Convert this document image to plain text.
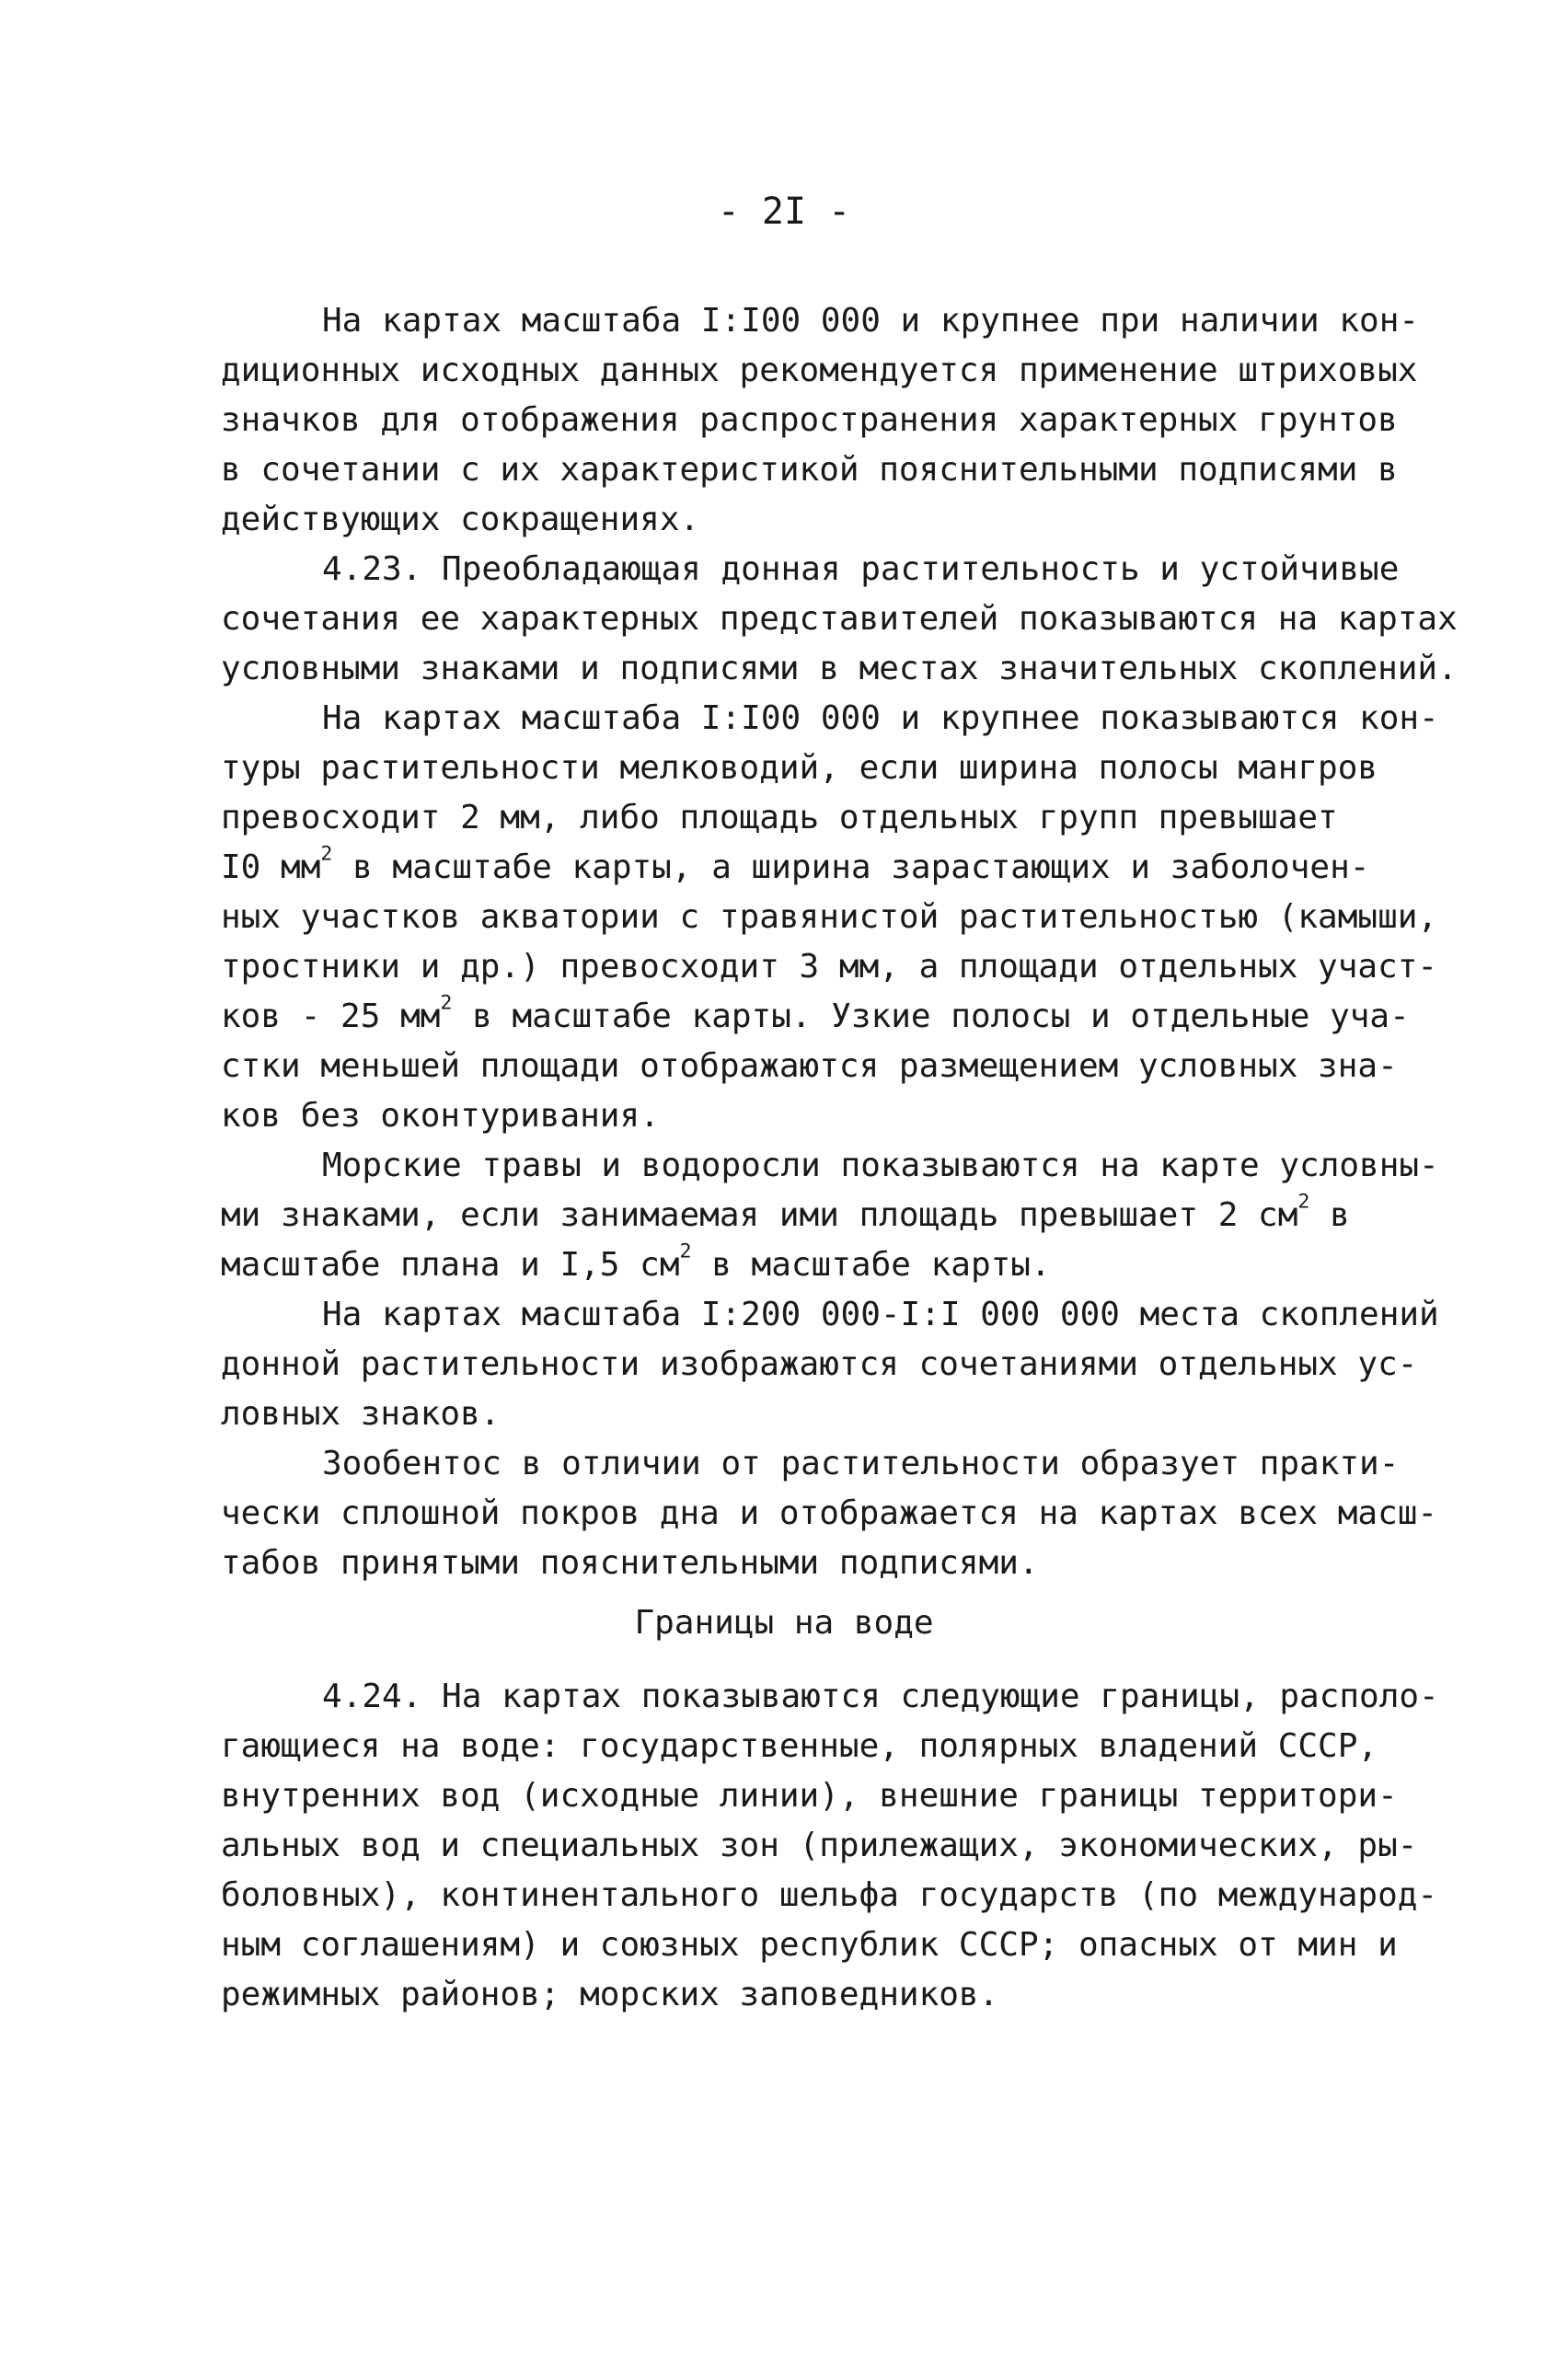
- 2I -
На картах масштаба I:I00 000 и крупнее при наличии кон-
диционных исходных данных рекомендуется применение штриховых
значков для отображения распространения характерных грунтов
в сочетании с их характеристикой пояснительными подписями в
действующих сокращениях.
4.23. Преобладающая донная растительность и устойчивые
сочетания ее характерных представителей показываются на картах
условными знаками и подписями в местах значительных скоплений.
На картах масштаба I:I00 000 и крупнее показываются кон-
туры растительности мелководий, если ширина полосы мангров
превосходит 2 мм, либо площадь отдельных групп превышает
I0 $мм^2$ в масштабе карты, а ширина зарастающих и заболочен-
ных участков акватории с травянистой растительностью (камыши,
тростники и др.) превосходит 3 мм, а площади отдельных участ-
ков - 25 $мм^2$ в масштабе карты. Узкие полосы и отдельные уча-
стки меньшей площади отображаются размещением условных зна-
ков без оконтуривания.
Морские травы и водоросли показываются на карте условны-
ми знаками, если занимаемая ими площадь превышает 2 $см^2$ в
масштабе плана и I,5 $см^2$ в масштабе карты.
На картах масштаба I:200 000-I:I 000 000 места скоплений
донной растительности изображаются сочетаниями отдельных ус-
ловных знаков.
Зообентос в отличии от растительности образует практи-
чески сплошной покров дна и отображается на картах всех масш-
табов принятыми пояснительными подписями.
Границы на воде
4.24. На картах показываются следующие границы, располо-
гающиеся на воде: государственные, полярных владений СССР,
внутренних вод (исходные линии), внешние границы территори-
альных вод и специальных зон (прилежащих, экономических, ры-
боловных), континентального шельфа государств (по международ-
ным соглашениям) и союзных республик СССР; опасных от мин и
режимных районов; морских заповедников.
